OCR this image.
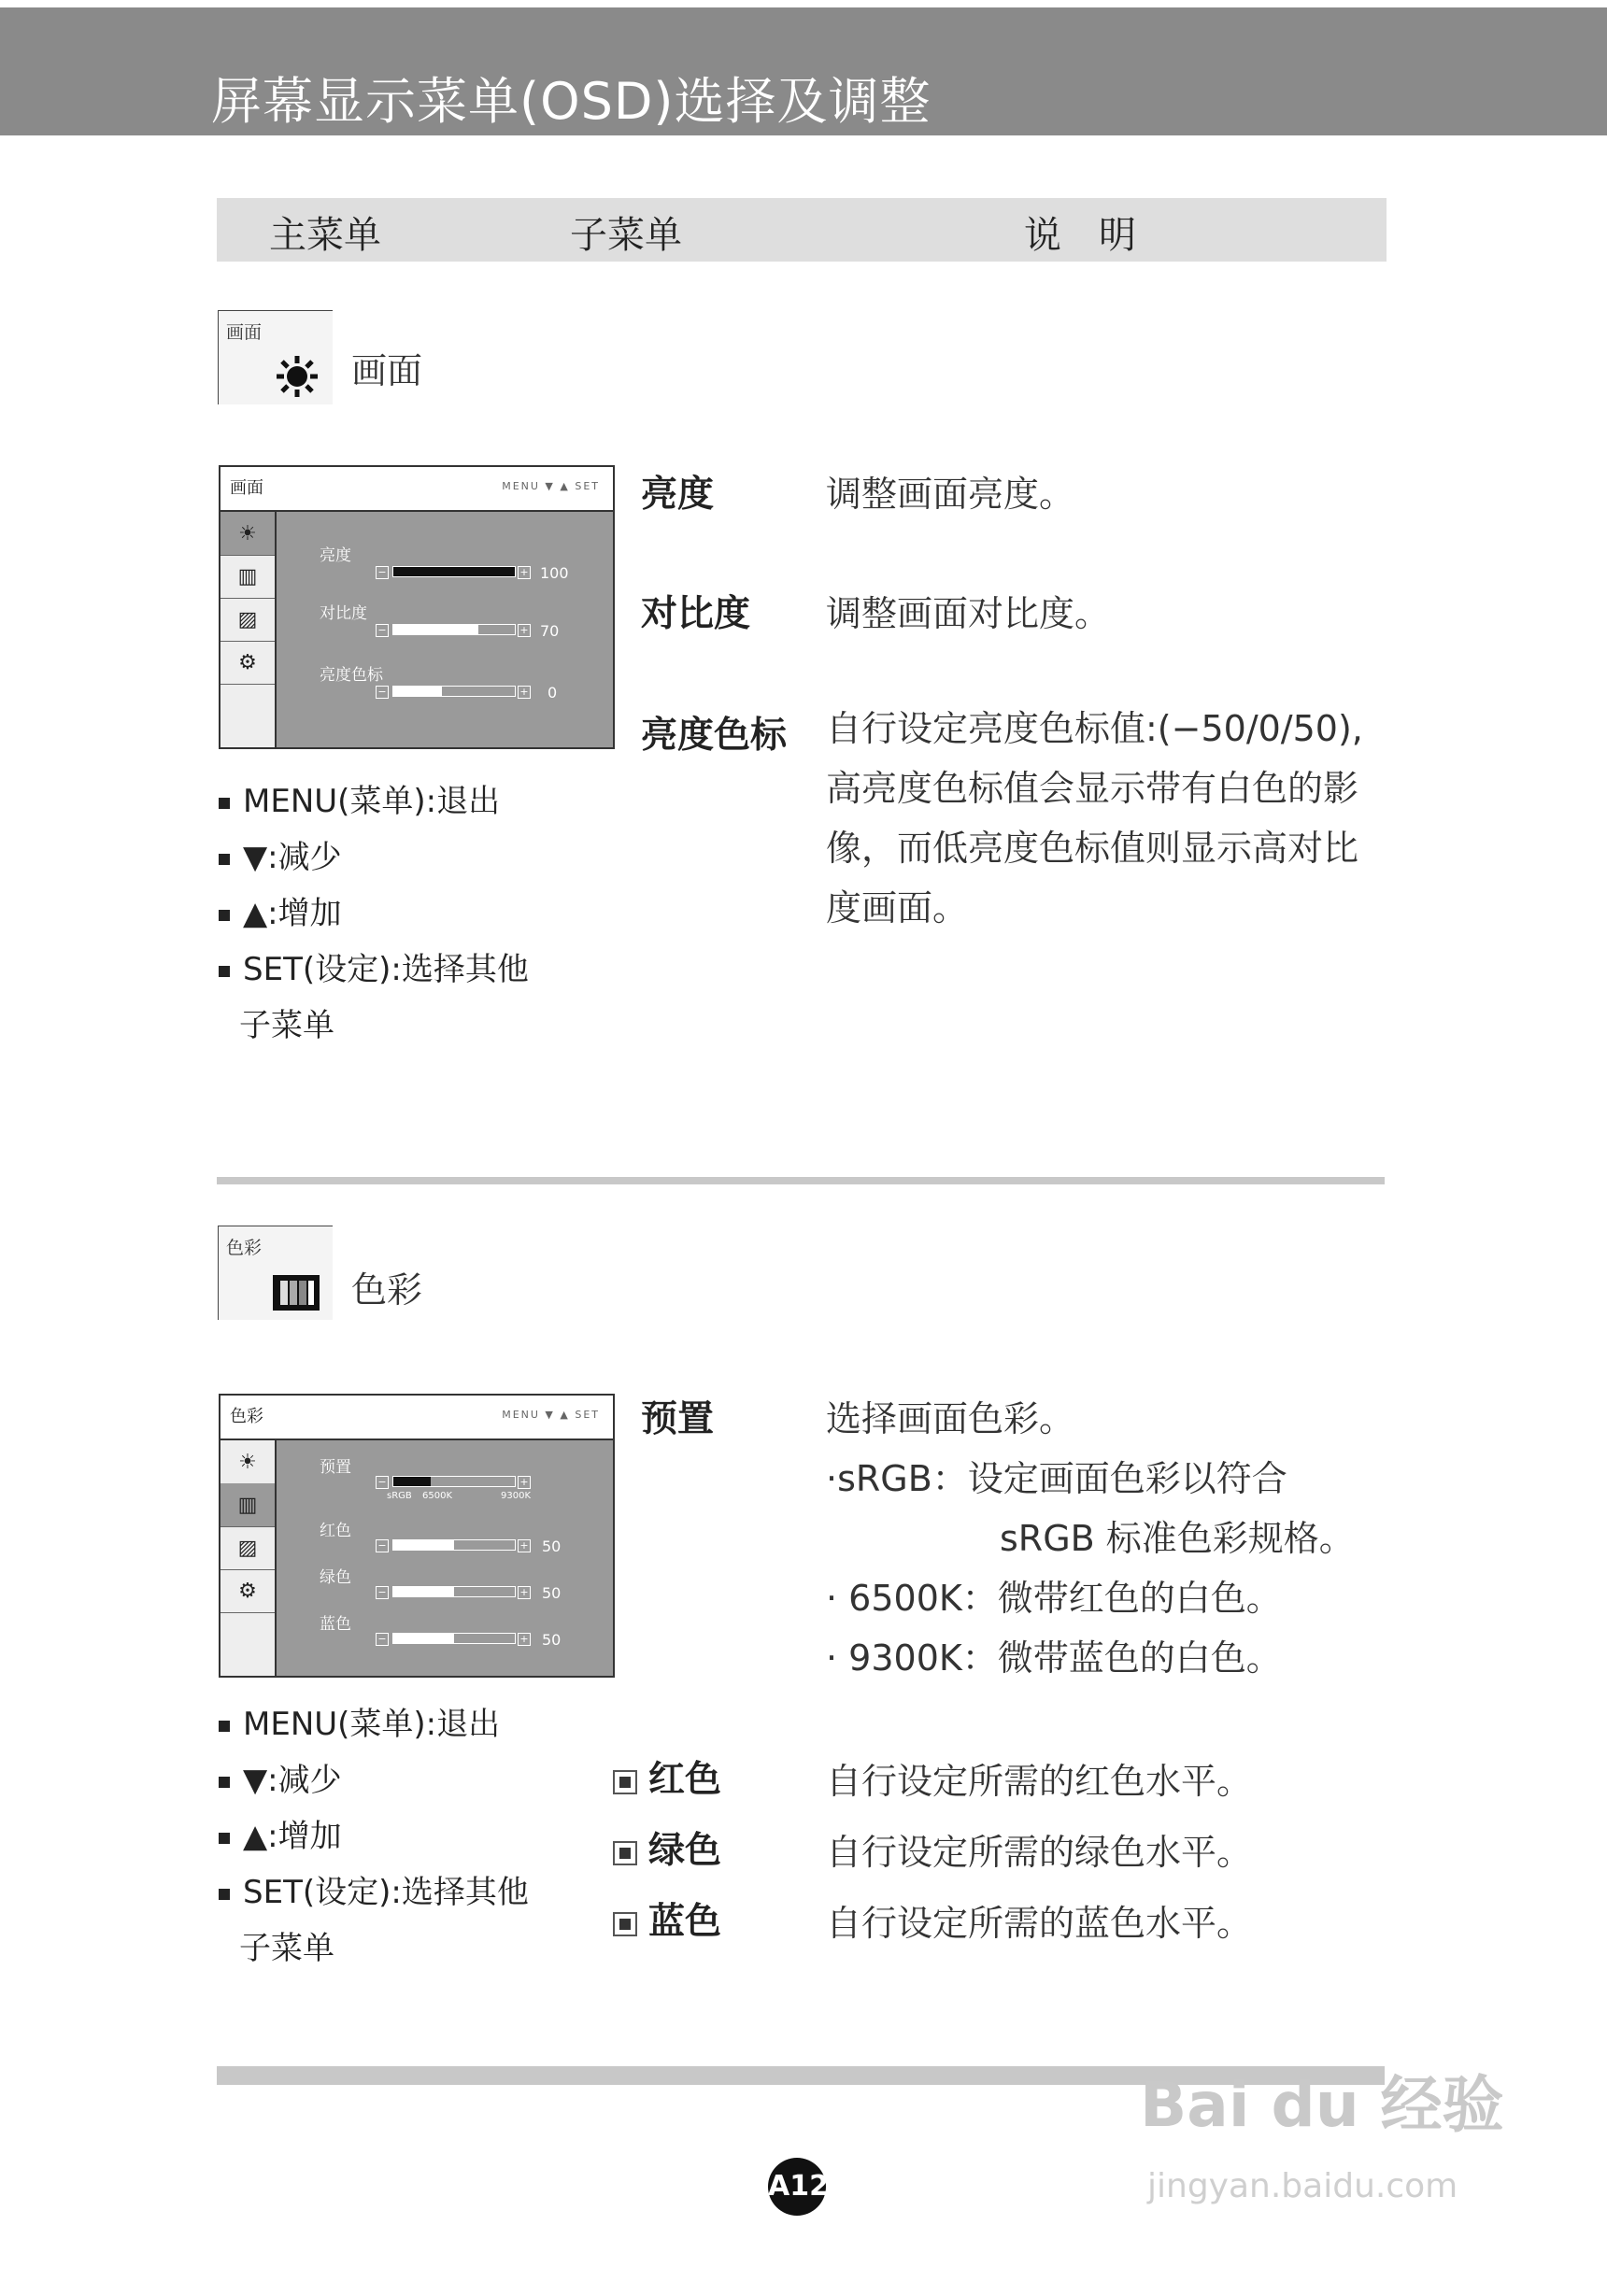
屏幕显示菜单(OSD)选择及调整
主菜单	子菜单	说　明
画面
画面
画面	MENU ▼ ▲ SET
☀
▥
▨
⚙
亮度
−	+ 100
对比度
−	+ 70
亮度色标
−	+ 0
MENU(菜单):退出
▼:减少
▲:增加
SET(设定):选择其他
子菜单
亮度	调整画面亮度。
对比度 调整画面对比度。
亮度色标 自行设定亮度色标值:(−50/0/50),高亮度色标值会显示带有白色的影像，而低亮度色标值则显示高对比度画面。
色彩
色彩
色彩	MENU ▼ ▲ SET
☀
▥
▨
⚙
预置
−	+
sRGB 6500K	9300K
红色
−	+ 50
绿色
−	+ 50
蓝色
−	+ 50
MENU(菜单):退出
▼:减少
▲:增加
SET(设定):选择其他
子菜单
预置	选择画面色彩。
·sRGB：设定画面色彩以符合
sRGB 标准色彩规格。
· 6500K：微带红色的白色。
· 9300K：微带蓝色的白色。
红色	自行设定所需的红色水平。
绿色	自行设定所需的绿色水平。
蓝色	自行设定所需的蓝色水平。
A12
Bai du 经验
jingyan.baidu.com
